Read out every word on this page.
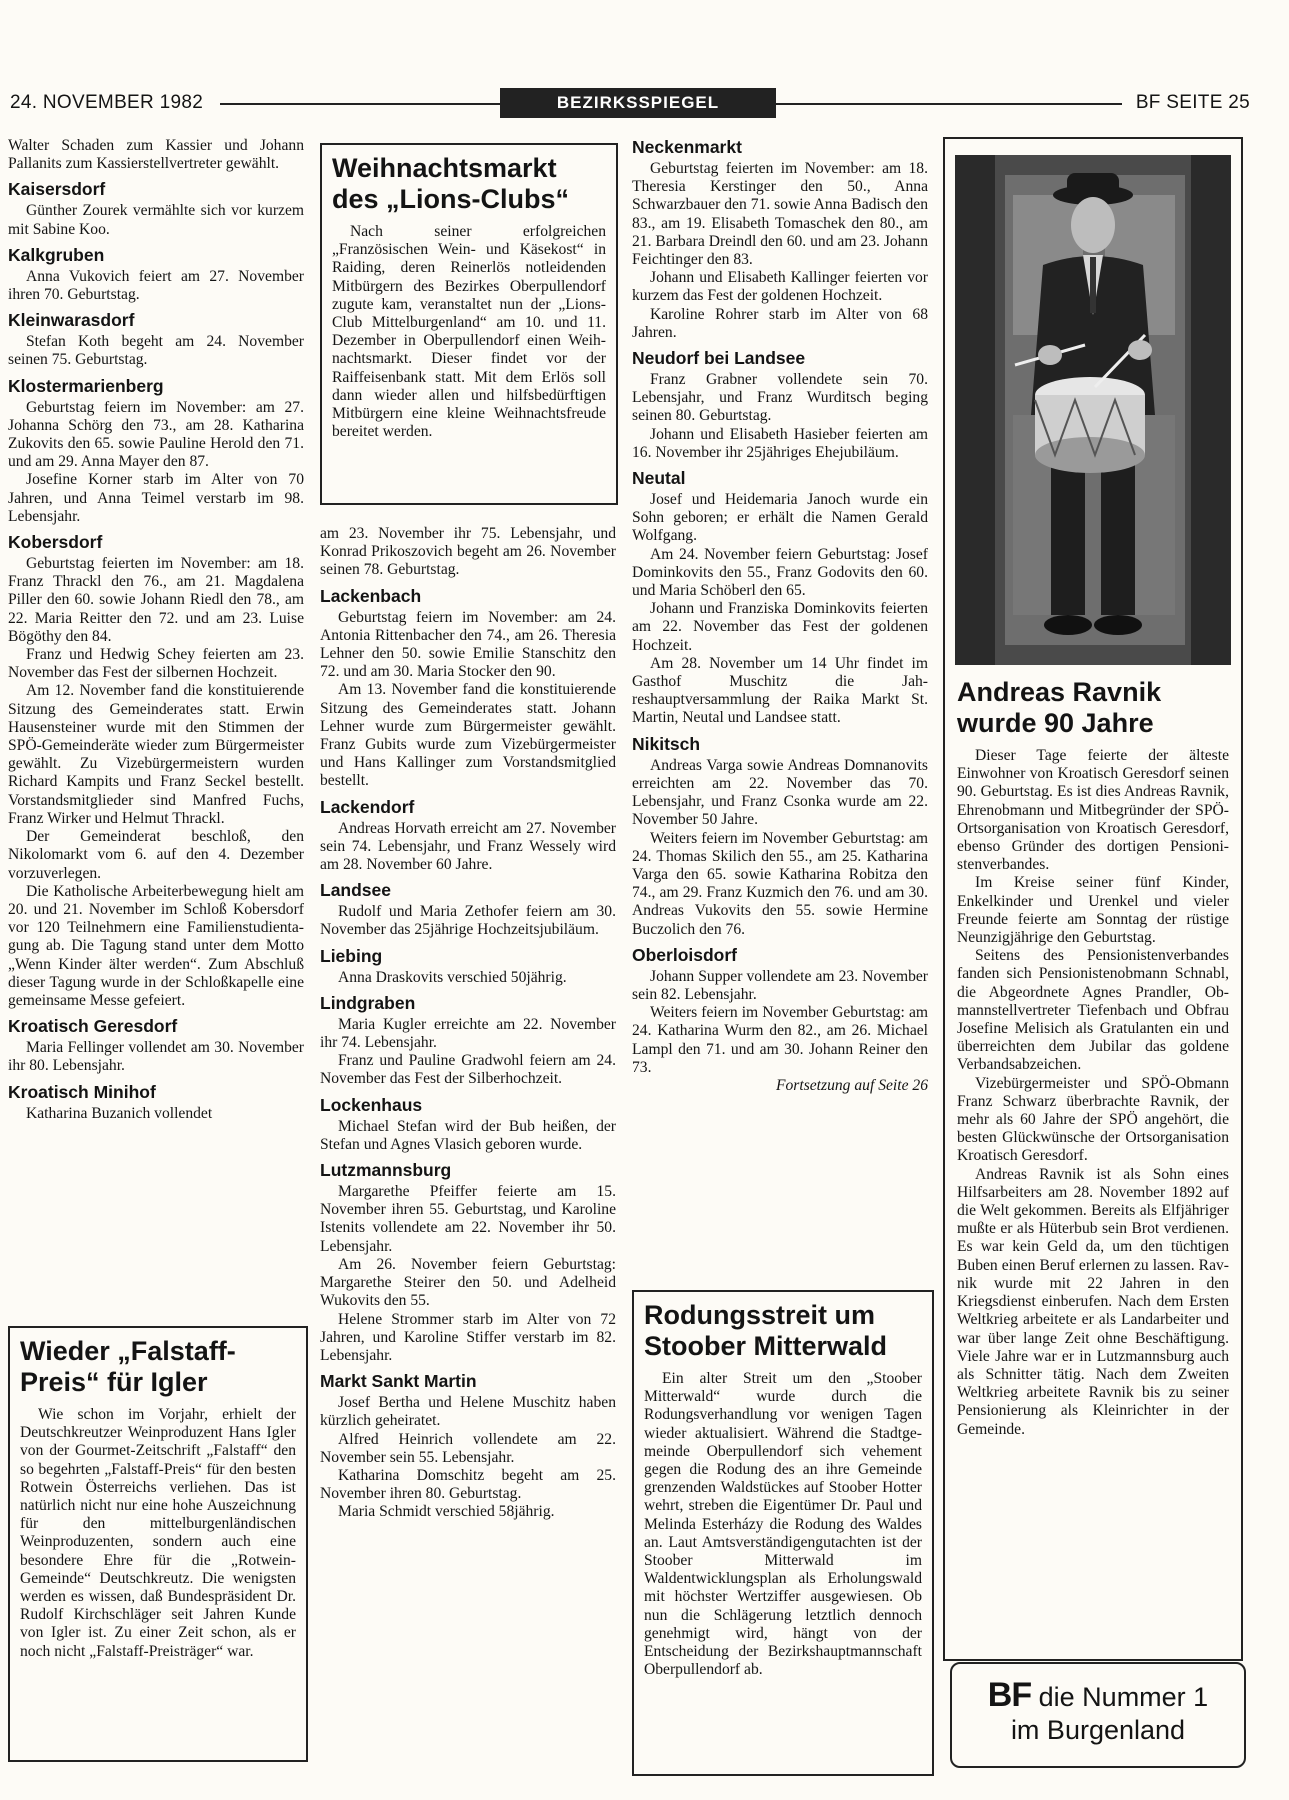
24. NOVEMBER 1982	BEZIRKSSPIEGEL	BF SEITE 25

Walter Schaden zum Kassier und Johann Pallanits zum Kassierstellvertreter gewählt.

Kaisersdorf

Günther Zourek vermählte sich vor kurzem mit Sabine Koo.

Kalkgruben

Anna Vukovich feiert am 27. November ihren 70. Geburtstag.

Kleinwarasdorf

Stefan Koth begeht am 24. November seinen 75. Geburtstag.

Klostermarienberg

Geburtstag feiern im November: am 27. Johanna Schörg den 73., am 28. Katharina Zukovits den 65. sowie Pauline Herold den 71. und am 29. Anna Mayer den 87.

Josefine Korner starb im Alter von 70 Jahren, und Anna Teimel verstarb im 98. Lebensjahr.

Kobersdorf

Geburtstag feierten im November: am 18. Franz Thrackl den 76., am 21. Magdalena Piller den 60. sowie Johann Riedl den 78., am 22. Maria Reitter den 72. und am 23. Luise Bögöthy den 84.

Franz und Hedwig Schey feierten am 23. November das Fest der silbernen Hochzeit.

Am 12. November fand die konstituierende Sitzung des Gemeinderates statt. Erwin Hausensteiner wurde mit den Stimmen der SPÖ-Gemeinderäte wieder zum Bürgermeister gewählt. Zu Vizebürgermeistern wurden Richard Kampits und Franz Seckel bestellt. Vorstandsmitglieder sind Manfred Fuchs, Franz Wirker und Helmut Thrackl.

Der Gemeinderat beschloß, den Nikolomarkt vom 6. auf den 4. Dezember vorzuverlegen.

Die Katholische Arbeiterbewegung hielt am 20. und 21. November im Schloß Kobersdorf vor 120 Teilnehmern eine Familienstudientagung ab. Die Tagung stand unter dem Motto „Wenn Kinder älter werden“. Zum Abschluß dieser Tagung wurde in der Schloßkapelle eine gemeinsame Messe gefeiert.

Kroatisch Geresdorf

Maria Fellinger vollendet am 30. November ihr 80. Lebensjahr.

Kroatisch Minihof

Katharina Buzanich vollendet

Wieder „Falstaff-Preis“ für Igler

Wie schon im Vorjahr, erhielt der Deutschkreutzer Weinproduzent Hans Igler von der Gourmet-Zeitschrift „Falstaff“ den so begehrten „Falstaff-Preis“ für den besten Rotwein Österreichs verliehen. Das ist natürlich nicht nur eine hohe Auszeichnung für den mittelburgenländischen Weinproduzenten, sondern auch eine besondere Ehre für die „Rotwein-Gemeinde“ Deutschkreutz. Die wenigsten werden es wissen, daß Bundespräsident Dr. Rudolf Kirchschläger seit Jahren Kunde von Igler ist. Zu einer Zeit schon, als er noch nicht „Falstaff-Preisträger“ war.

Weihnachtsmarkt des „Lions-Clubs“

Nach seiner erfolgreichen „Französischen Wein- und Käsekost“ in Raiding, deren Reinerlös notleidenden Mitbürgern des Bezirkes Oberpullendorf zugute kam, veranstaltet nun der „Lions-Club Mittelburgenland“ am 10. und 11. Dezember in Oberpullendorf einen Weihnachtsmarkt. Dieser findet vor der Raiffeisenbank statt. Mit dem Erlös soll dann wieder allen und hilfsbedürftigen Mitbürgern eine kleine Weihnachtsfreude bereitet werden.

am 23. November ihr 75. Lebensjahr, und Konrad Prikoszovich begeht am 26. November seinen 78. Geburtstag.

Lackenbach

Geburtstag feiern im November: am 24. Antonia Rittenbacher den 74., am 26. Theresia Lehner den 50. sowie Emilie Stanschitz den 72. und am 30. Maria Stocker den 90.

Am 13. November fand die konstituierende Sitzung des Gemeinderates statt. Johann Lehner wurde zum Bürgermeister gewählt. Franz Gubits wurde zum Vizebürgermeister und Hans Kallinger zum Vorstandsmitglied bestellt.

Lackendorf

Andreas Horvath erreicht am 27. November sein 74. Lebensjahr, und Franz Wessely wird am 28. November 60 Jahre.

Landsee

Rudolf und Maria Zethofer feiern am 30. November das 25jährige Hochzeitsjubiläum.

Liebing

Anna Draskovits verschied 50jährig.

Lindgraben

Maria Kugler erreichte am 22. November ihr 74. Lebensjahr.

Franz und Pauline Gradwohl feiern am 24. November das Fest der Silberhochzeit.

Lockenhaus

Michael Stefan wird der Bub heißen, der Stefan und Agnes Vlasich geboren wurde.

Lutzmannsburg

Margarethe Pfeiffer feierte am 15. November ihren 55. Geburtstag, und Karoline Istenits vollendete am 22. November ihr 50. Lebensjahr.

Am 26. November feiern Geburtstag: Margarethe Steirer den 50. und Adelheid Wukovits den 55.

Helene Strommer starb im Alter von 72 Jahren, und Karoline Stiffer verstarb im 82. Lebensjahr.

Markt Sankt Martin

Josef Bertha und Helene Muschitz haben kürzlich geheiratet.

Alfred Heinrich vollendete am 22. November sein 55. Lebensjahr.

Katharina Domschitz begeht am 25. November ihren 80. Geburtstag.

Maria Schmidt verschied 58jährig.

Neckenmarkt

Geburtstag feierten im November: am 18. Theresia Kerstinger den 50., Anna Schwarzbauer den 71. sowie Anna Badisch den 83., am 19. Elisabeth Tomaschek den 80., am 21. Barbara Dreindl den 60. und am 23. Johann Feichtinger den 83.

Johann und Elisabeth Kallinger feierten vor kurzem das Fest der goldenen Hochzeit.

Karoline Rohrer starb im Alter von 68 Jahren.

Neudorf bei Landsee

Franz Grabner vollendete sein 70. Lebensjahr, und Franz Wurditsch beging seinen 80. Geburtstag.

Johann und Elisabeth Hasieber feierten am 16. November ihr 25jähriges Ehejubiläum.

Neutal

Josef und Heidemaria Janoch wurde ein Sohn geboren; er erhält die Namen Gerald Wolfgang.

Am 24. November feiern Geburtstag: Josef Dominkovits den 55., Franz Godovits den 60. und Maria Schöberl den 65.

Johann und Franziska Dominkovits feierten am 22. November das Fest der goldenen Hochzeit.

Am 28. November um 14 Uhr findet im Gasthof Muschitz die Jahreshauptversammlung der Raika Markt St. Martin, Neutal und Landsee statt.

Nikitsch

Andreas Varga sowie Andreas Domnanovits erreichten am 22. November das 70. Lebensjahr, und Franz Csonka wurde am 22. November 50 Jahre.

Weiters feiern im November Geburtstag: am 24. Thomas Skilich den 55., am 25. Katharina Varga den 65. sowie Katharina Robitza den 74., am 29. Franz Kuzmich den 76. und am 30. Andreas Vukovits den 55. sowie Hermine Buczolich den 76.

Oberloisdorf

Johann Supper vollendete am 23. November sein 82. Lebensjahr.

Weiters feiern im November Geburtstag: am 24. Katharina Wurm den 82., am 26. Michael Lampl den 71. und am 30. Johann Reiner den 73.

Fortsetzung auf Seite 26

Rodungsstreit um Stoober Mitterwald

Ein alter Streit um den „Stoober Mitterwald“ wurde durch die Rodungsverhandlung vor wenigen Tagen wieder aktualisiert. Während die Stadtgemeinde Oberpullendorf sich vehement gegen die Rodung des an ihre Gemeinde grenzenden Waldstückes auf Stoober Hotter wehrt, streben die Eigentümer Dr. Paul und Melinda Esterházy die Rodung des Waldes an. Laut Amtsverständigengutachten ist der Stoober Mitterwald im Waldentwicklungsplan als Erholungswald mit höchster Wertziffer ausgewiesen. Ob nun die Schlägerung letztlich dennoch genehmigt wird, hängt von der Entscheidung der Bezirkshauptmannschaft Oberpullendorf ab.

Andreas Ravnik wurde 90 Jahre

Dieser Tage feierte der älteste Einwohner von Kroatisch Geresdorf seinen 90. Geburtstag. Es ist dies Andreas Ravnik, Ehrenobmann und Mitbegründer der SPÖ-Ortsorganisation von Kroatisch Geresdorf, ebenso Gründer des dortigen Pensionistenverbandes.

Im Kreise seiner fünf Kinder, Enkelkinder und Urenkel und vieler Freunde feierte am Sonntag der rüstige Neunzigjährige den Geburtstag.

Seitens des Pensionistenverbandes fanden sich Pensionistenobmann Schnabl, die Abgeordnete Agnes Prandler, Obmannstellvertreter Tiefenbach und Obfrau Josefine Melisich als Gratulanten ein und überreichten dem Jubilar das goldene Verbandsabzeichen.

Vizebürgermeister und SPÖ-Obmann Franz Schwarz überbrachte Ravnik, der mehr als 60 Jahre der SPÖ angehört, die besten Glückwünsche der Ortsorganisation Kroatisch Geresdorf.

Andreas Ravnik ist als Sohn eines Hilfsarbeiters am 28. November 1892 auf die Welt gekommen. Bereits als Elfjähriger mußte er als Hüterbub sein Brot verdienen. Es war kein Geld da, um den tüchtigen Buben einen Beruf erlernen zu lassen. Ravnik wurde mit 22 Jahren in den Kriegsdienst einberufen. Nach dem Ersten Weltkrieg arbeitete er als Landarbeiter und war über lange Zeit ohne Beschäftigung. Viele Jahre war er in Lutzmannsburg auch als Schnitter tätig. Nach dem Zweiten Weltkrieg arbeitete Ravnik bis zu seiner Pensionierung als Kleinrichter in der Gemeinde.

BF die Nummer 1
im Burgenland
